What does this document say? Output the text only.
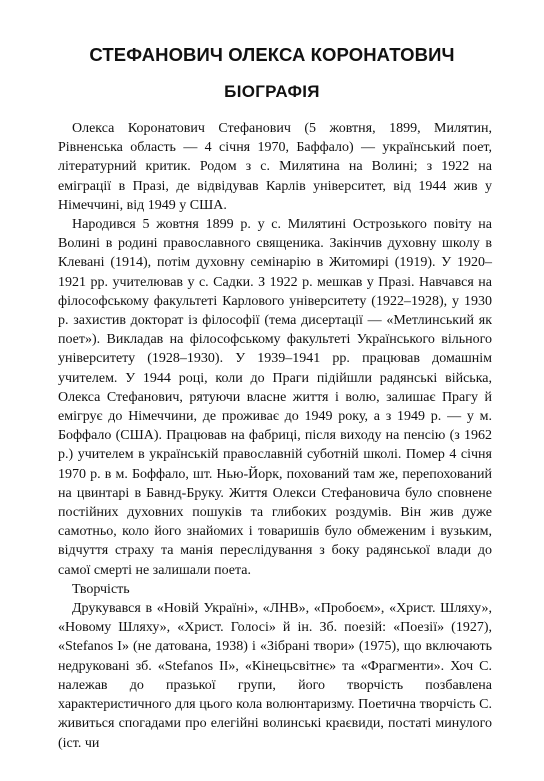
СТЕФАНОВИЧ ОЛЕКСА КОРОНАТОВИЧ
БІОГРАФІЯ

Олекса Коронатович Стефанович (5 жовтня, 1899, Милятин, Рівненська область — 4 січня 1970, Баффало) — український поет, літературний критик. Родом з с. Милятина на Волині; з 1922 на еміграції в Празі, де відвідував Карлів університет, від 1944 жив у Німеччині, від 1949 у США.

Народився 5 жовтня 1899 р. у с. Милятині Острозького повіту на Волині в родині православного священика. Закінчив духовну школу в Клевані (1914), потім духовну семінарію в Житомирі (1919). У 1920–1921 рр. учителював у с. Садки. З 1922 р. мешкав у Празі. Навчався на філософському факультеті Карлового університету (1922–1928), у 1930 р. захистив докторат із філософії (тема дисертації — «Метлинський як поет»). Викладав на філософському факультеті Українського вільного університету (1928–1930). У 1939–1941 рр. працював домашнім учителем. У 1944 році, коли до Праги підійшли радянські війська, Олекса Стефанович, рятуючи власне життя і волю, залишає Прагу й емігрує до Німеччини, де проживає до 1949 року, а з 1949 р. — у м. Боффало (США). Працював на фабриці, після виходу на пенсію (з 1962 р.) учителем в українській православній суботній школі. Помер 4 січня 1970 р. в м. Боффало, шт. Нью-Йорк, похований там же, перепохований на цвинтарі в Бавнд-Бруку. Життя Олекси Стефановича було сповнене постійних духовних пошуків та глибоких роздумів. Він жив дуже самотньо, коло його знайомих і товаришів було обмеженим і вузьким, відчуття страху та манія переслідування з боку радянської влади до самої смерті не залишали поета.

Творчість

Друкувався в «Новій Україні», «ЛНВ», «Пробоєм», «Христ. Шляху», «Новому Шляху», «Христ. Голосі» й ін. Зб. поезій: «Поезії» (1927), «Stefanos I» (не датована, 1938) і «Зібрані твори» (1975), що включають недруковані зб. «Stefanos II», «Кінецьсвітнє» та «Фрагменти». Хоч С. належав до празької групи, його творчість позбавлена характеристичного для цього кола волюнтаризму. Поетична творчість С. живиться спогадами про елегійні волинські краєвиди, постаті минулого (іст. чи
